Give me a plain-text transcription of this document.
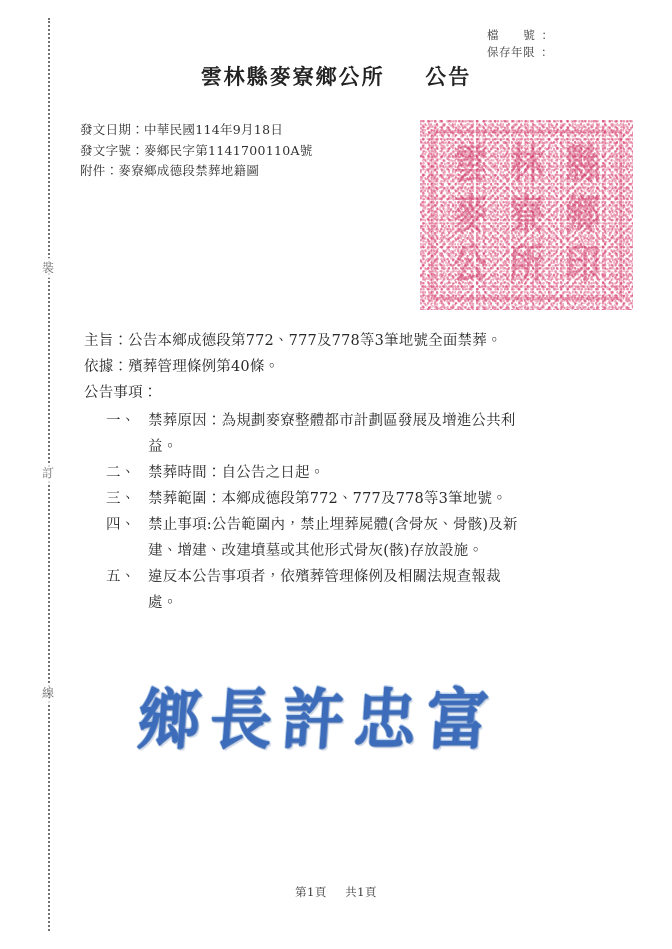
裝
訂
線
檔 號 ：
保存年限 ：
雲林縣麥寮鄉公所 公告
發文日期：中華民國114年9月18日
發文字號：麥鄉民字第1141700110A號
附件：麥寮鄉成德段禁葬地籍圖	雲 林 縣
麥 寮 鄉
公 所 印
主旨：公告本鄉成德段第772、777及778等3筆地號全面禁葬。
依據：殯葬管理條例第40條。
公告事項：
一、 禁葬原因：為規劃麥寮整體都市計劃區發展及增進公共利

益。

二、 禁葬時間：自公告之日起。

三、 禁葬範圍：本鄉成德段第772、777及778等3筆地號。

四、 禁止事項:公告範圍內，禁止埋葬屍體(含骨灰、骨骸)及新

建、增建、改建墳墓或其他形式骨灰(骸)存放設施。

五、 違反本公告事項者，依殯葬管理條例及相關法規查報裁

處。

鄉 長 許 忠 富
第1頁 共1頁
